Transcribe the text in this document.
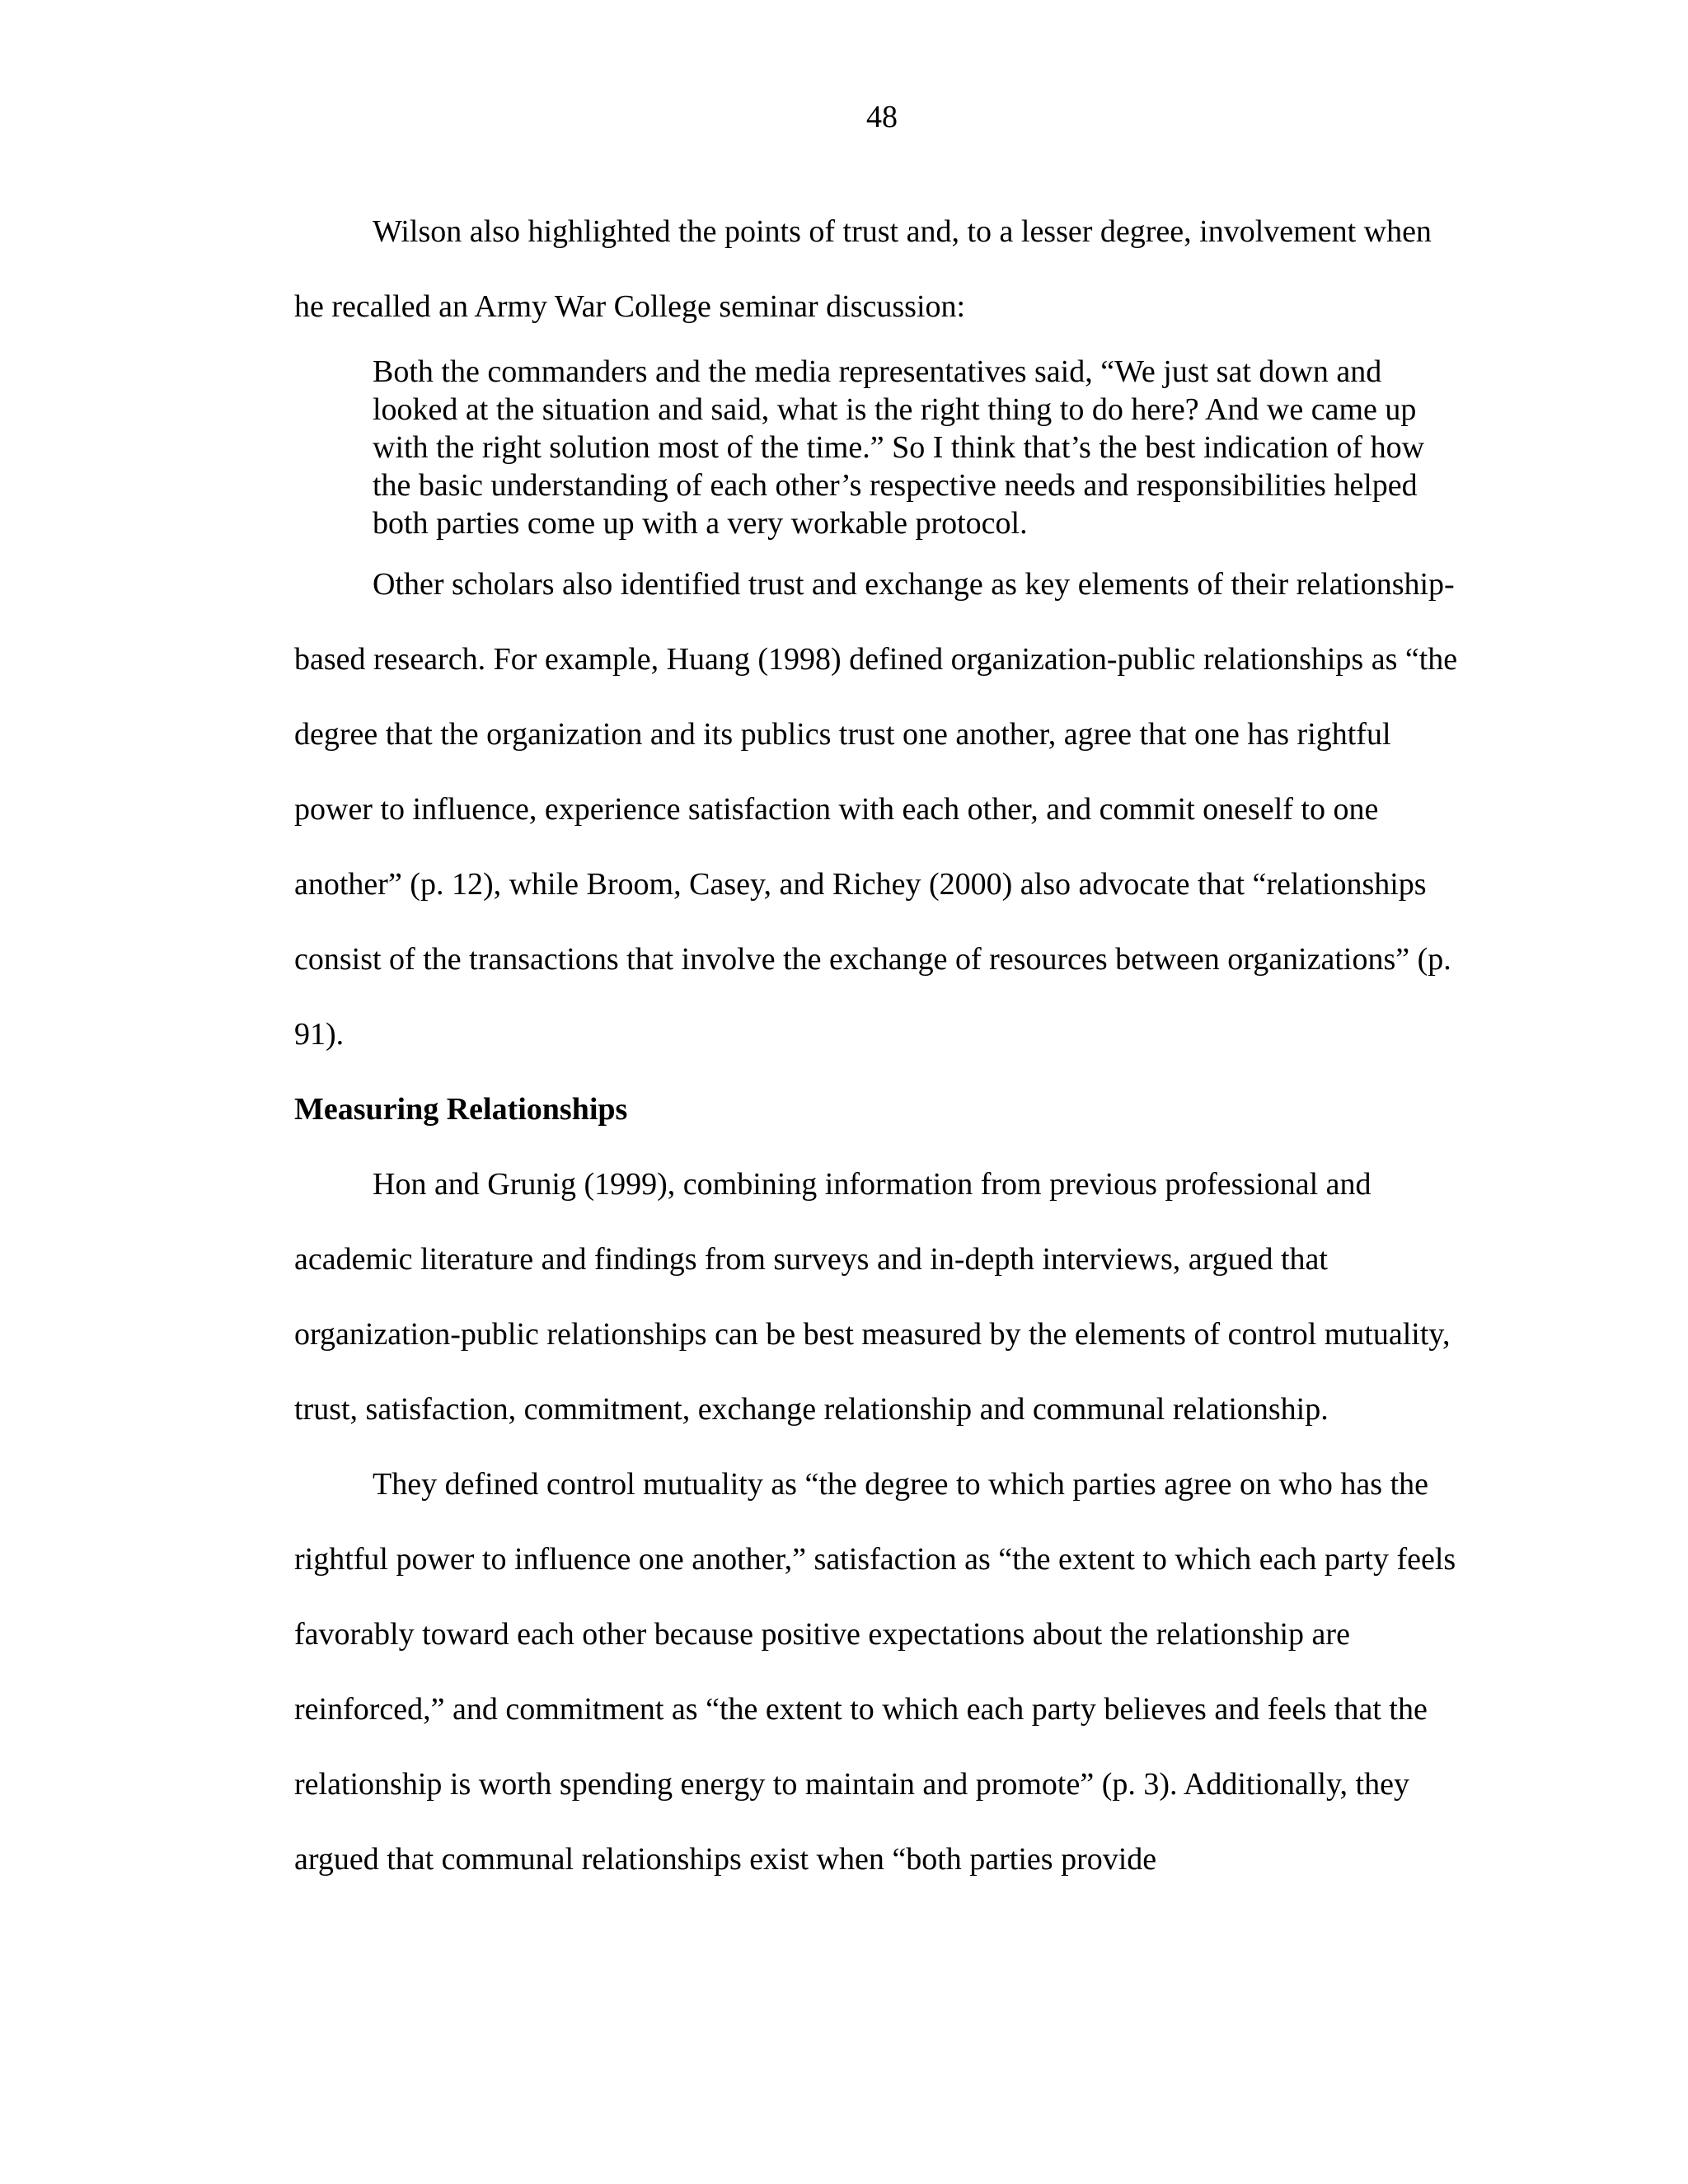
48

Wilson also highlighted the points of trust and, to a lesser degree, involvement when he recalled an Army War College seminar discussion:

Both the commanders and the media representatives said, “We just sat down and looked at the situation and said, what is the right thing to do here? And we came up with the right solution most of the time.” So I think that’s the best indication of how the basic understanding of each other’s respective needs and responsibilities helped both parties come up with a very workable protocol.

Other scholars also identified trust and exchange as key elements of their relationship-based research. For example, Huang (1998) defined organization-public relationships as “the degree that the organization and its publics trust one another, agree that one has rightful power to influence, experience satisfaction with each other, and commit oneself to one another” (p. 12), while Broom, Casey, and Richey (2000) also advocate that “relationships consist of the transactions that involve the exchange of resources between organizations” (p. 91).

Measuring Relationships

Hon and Grunig (1999), combining information from previous professional and academic literature and findings from surveys and in-depth interviews, argued that organization-public relationships can be best measured by the elements of control mutuality, trust, satisfaction, commitment, exchange relationship and communal relationship.

They defined control mutuality as “the degree to which parties agree on who has the rightful power to influence one another,” satisfaction as “the extent to which each party feels favorably toward each other because positive expectations about the relationship are reinforced,” and commitment as “the extent to which each party believes and feels that the relationship is worth spending energy to maintain and promote” (p. 3). Additionally, they argued that communal relationships exist when “both parties provide
